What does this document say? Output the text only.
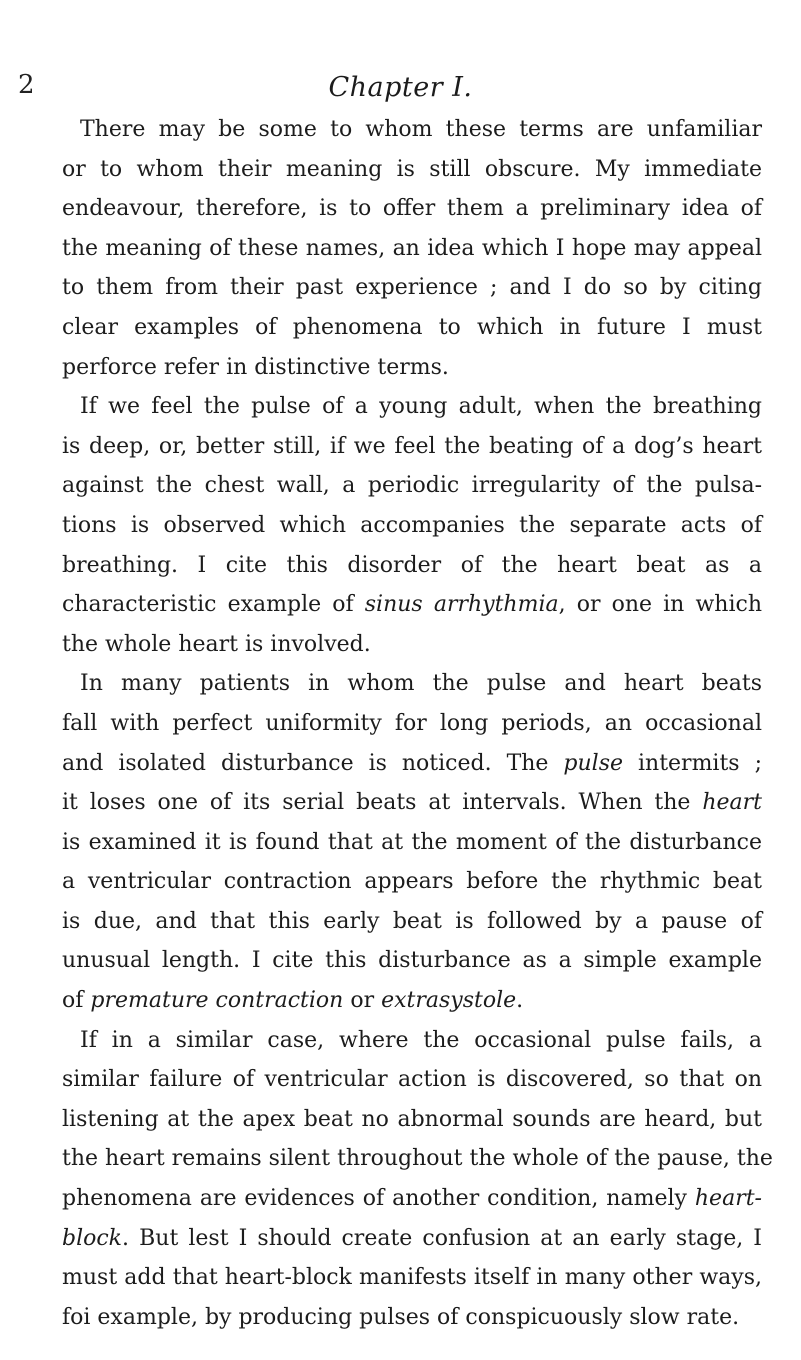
2	Chapter I.
There may be some to whom these terms are unfamiliar
or to whom their meaning is still obscure. My immediate
endeavour, therefore, is to offer them a preliminary idea of
the meaning of these names, an idea which I hope may appeal
to them from their past experience ; and I do so by citing
clear examples of phenomena to which in future I must
perforce refer in distinctive terms.
If we feel the pulse of a young adult, when the breathing
is deep, or, better still, if we feel the beating of a dog’s heart
against the chest wall, a periodic irregularity of the pulsa-
tions is observed which accompanies the separate acts of
breathing. I cite this disorder of the heart beat as a
characteristic example of sinus arrhythmia, or one in which
the whole heart is involved.
In many patients in whom the pulse and heart beats
fall with perfect uniformity for long periods, an occasional
and isolated disturbance is noticed. The pulse intermits ;
it loses one of its serial beats at intervals. When the heart
is examined it is found that at the moment of the disturbance
a ventricular contraction appears before the rhythmic beat
is due, and that this early beat is followed by a pause of
unusual length. I cite this disturbance as a simple example
of premature contraction or extrasystole.
If in a similar case, where the occasional pulse fails, a
similar failure of ventricular action is discovered, so that on
listening at the apex beat no abnormal sounds are heard, but
the heart remains silent throughout the whole of the pause, the
phenomena are evidences of another condition, namely heart-
block. But lest I should create confusion at an early stage, I
must add that heart-block manifests itself in many other ways,
foi example, by producing pulses of conspicuously slow rate.
